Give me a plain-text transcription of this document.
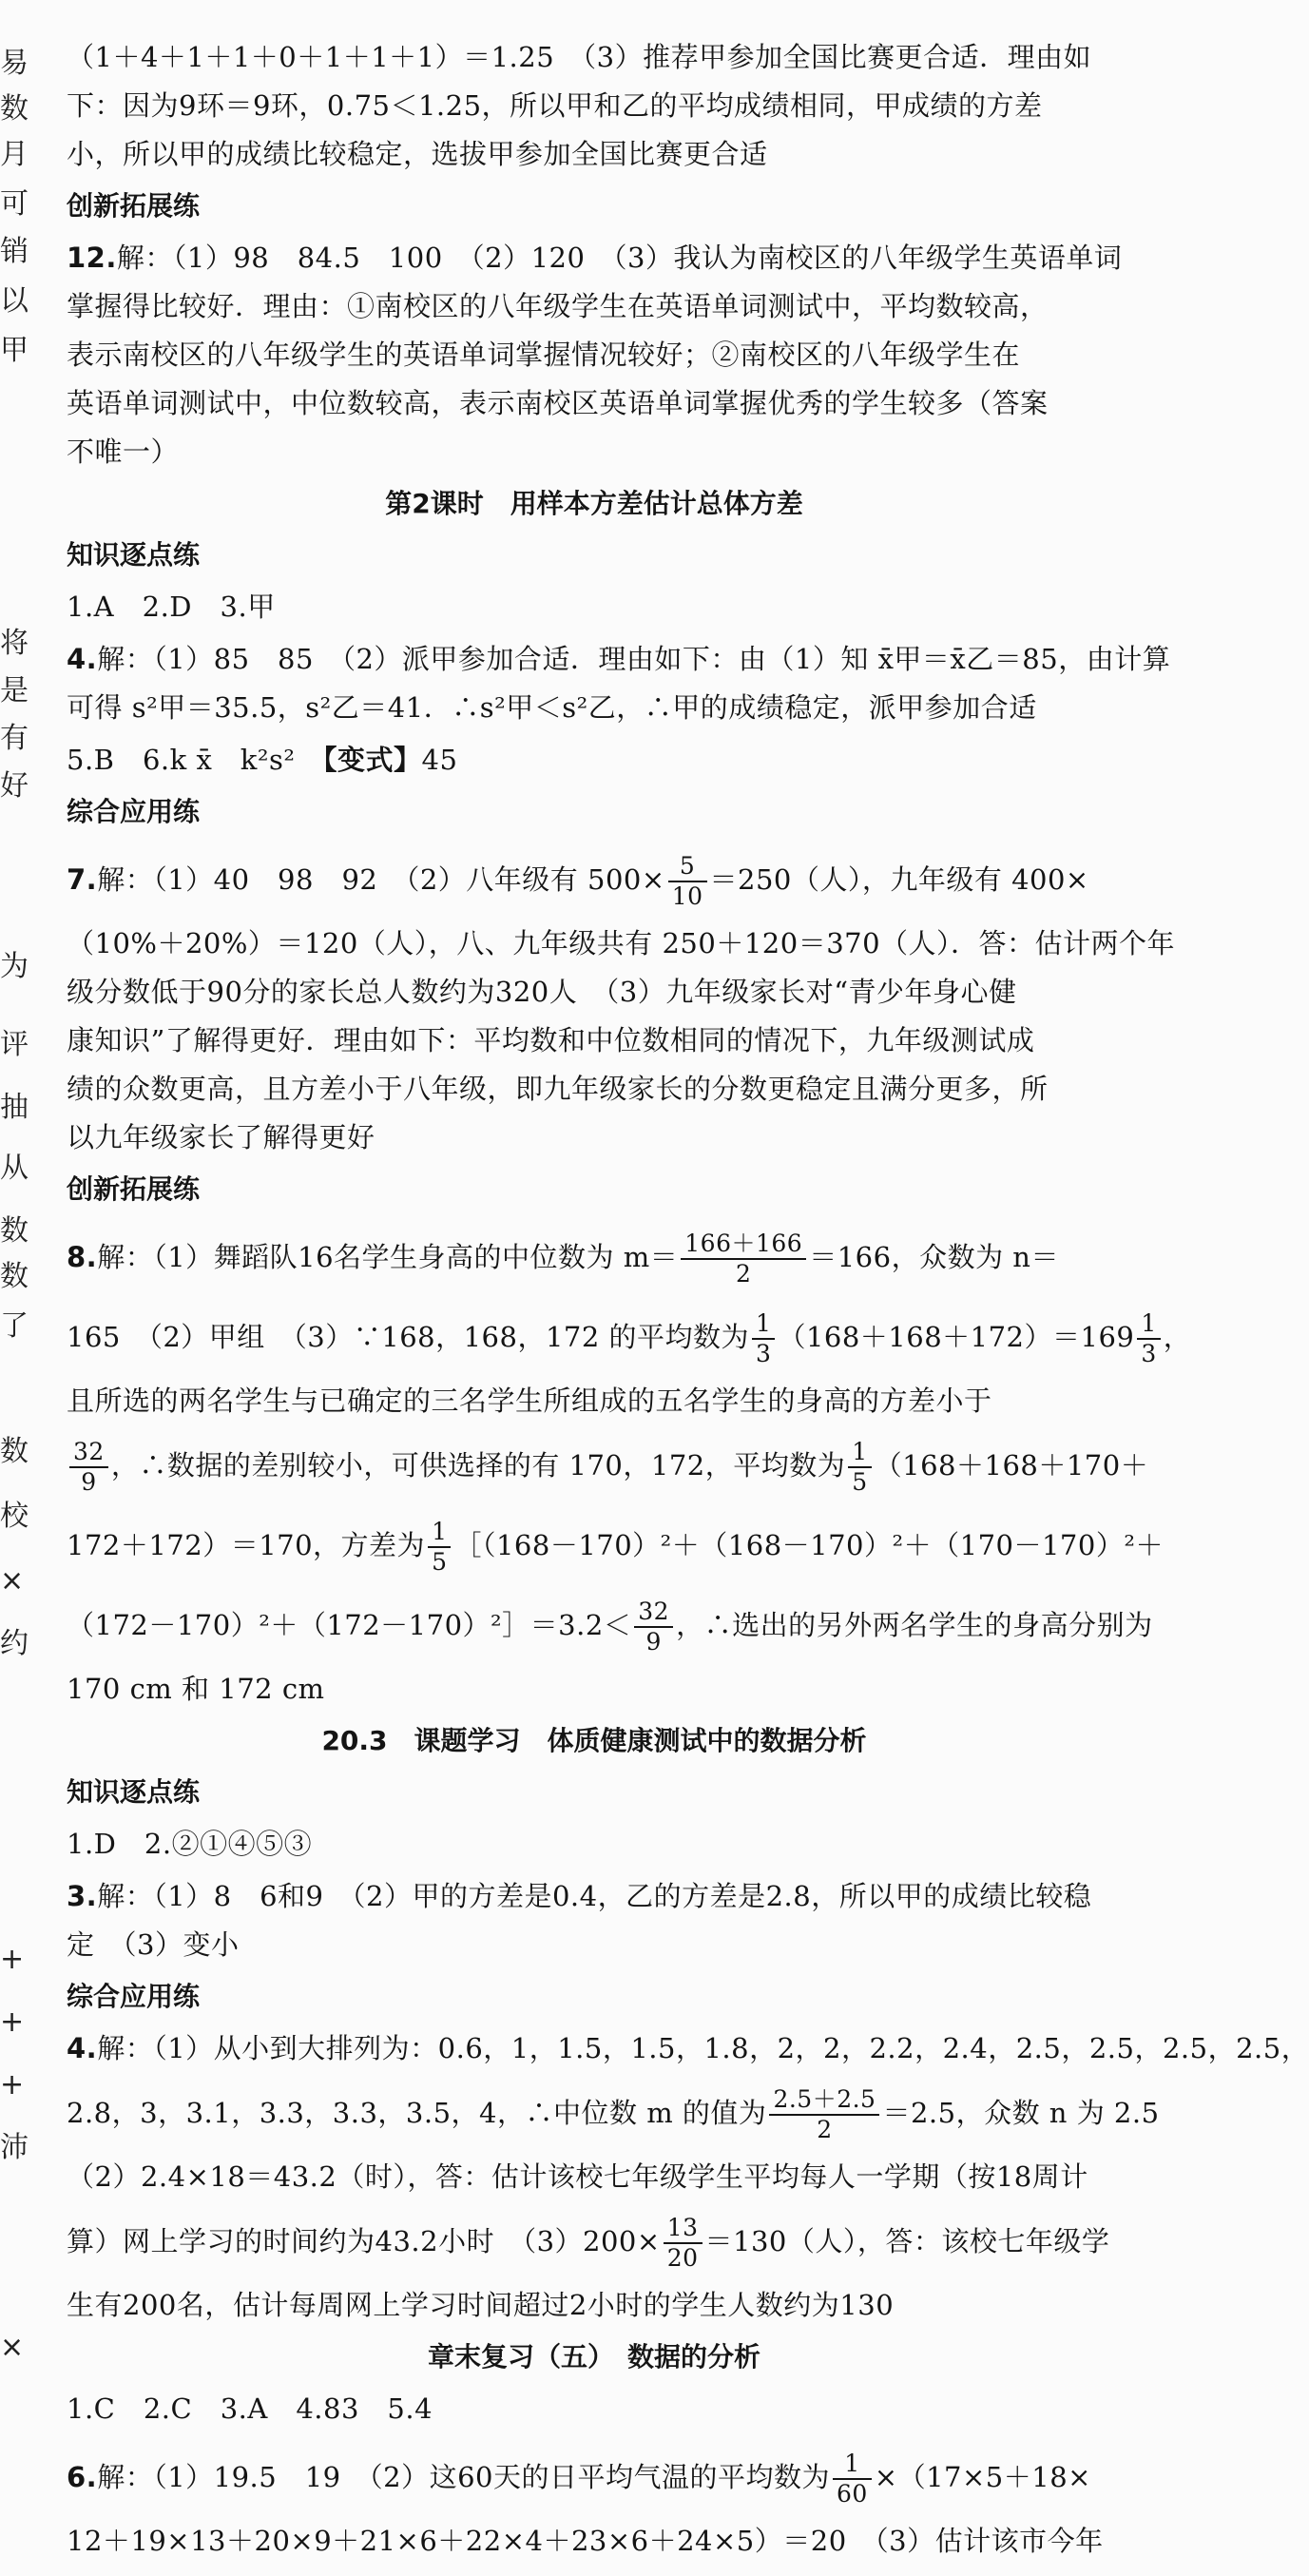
易
数
月
可
销
以
甲
将
是
有
好
为
评
抽
从
数
数
了
数
校
×
约
+
+
+
沛
×

（1＋4＋1＋1＋0＋1＋1＋1）＝1.25　（3）推荐甲参加全国比赛更合适．理由如

下：因为9环＝9环，0.75＜1.25，所以甲和乙的平均成绩相同，甲成绩的方差

小，所以甲的成绩比较稳定，选拔甲参加全国比赛更合适

创新拓展练

12.解：（1）98　84.5　100　（2）120　（3）我认为南校区的八年级学生英语单词

掌握得比较好．理由：①南校区的八年级学生在英语单词测试中，平均数较高，

表示南校区的八年级学生的英语单词掌握情况较好；②南校区的八年级学生在

英语单词测试中，中位数较高，表示南校区英语单词掌握优秀的学生较多（答案

不唯一）

第2课时　用样本方差估计总体方差
知识逐点练

1.A　2.D　3.甲

4.解：（1）85　85　（2）派甲参加合适．理由如下：由（1）知 x̄甲＝x̄乙＝85，由计算

可得 s²甲＝35.5，s²乙＝41．∴s²甲＜s²乙，∴甲的成绩稳定，派甲参加合适

5.B　6.k x̄　k²s²　【变式】45

综合应用练

7.解：（1）40　98　92　（2）八年级有 $500\times \frac{5}{10} =250$（人），九年级有 400×

（10%＋20%）＝120（人），八、九年级共有 250＋120＝370（人）．答：估计两个年

级分数低于90分的家长总人数约为320人　（3）九年级家长对“青少年身心健

康知识”了解得更好．理由如下：平均数和中位数相同的情况下，九年级测试成

绩的众数更高，且方差小于八年级，即九年级家长的分数更稳定且满分更多，所

以九年级家长了解得更好

创新拓展练

8.解：（1）舞蹈队16名学生身高的中位数为 $m= \frac{166+166}{2} =166$，众数为 n＝

165　（2）甲组　（3）∵168，168，172 的平均数为 $\frac{1}{3} (168+168+172)=169 \frac{1}{3}$ ，

且所选的两名学生与已确定的三名学生所组成的五名学生的身高的方差小于

$\frac{32}{9}$ ，∴数据的差别较小，可供选择的有 170，172，平均数为 $\frac{1}{5} (168+168+170+$

172＋172）＝170，方差为 $\frac{1}{5}$ ［（168－170）²＋（168－170）²＋（170－170）²＋

（172－170）²＋（172－170）²］＝3.2＜ $\frac{32}{9}$ ，∴选出的另外两名学生的身高分别为

170 cm 和 172 cm

20.3　课题学习　体质健康测试中的数据分析
知识逐点练

1.D　2.②①④⑤③

3.解：（1）8　6和9　（2）甲的方差是0.4，乙的方差是2.8，所以甲的成绩比较稳

定　（3）变小

综合应用练

4.解：（1）从小到大排列为：0.6，1，1.5，1.5，1.8，2，2，2.2，2.4，2.5，2.5，2.5，2.5，

2.8，3，3.1，3.3，3.3，3.5，4，∴中位数 m 的值为 $\frac{2.5+2.5}{2} =2.5$，众数 n 为 2.5

（2）2.4×18＝43.2（时），答：估计该校七年级学生平均每人一学期（按18周计

算）网上学习的时间约为43.2小时　$(3)200\times \frac{13}{20} =130$（人），答：该校七年级学

生有200名，估计每周网上学习时间超过2小时的学生人数约为130

章末复习（五）　数据的分析

1.C　2.C　3.A　4.83　5.4

6.解：（1）19.5　19　（2）这60天的日平均气温的平均数为 $\frac{1}{60} \times(17\times 5+18\times$

12＋19×13＋20×9＋21×6＋22×4＋23×6＋24×5）＝20　（3）估计该市今年
